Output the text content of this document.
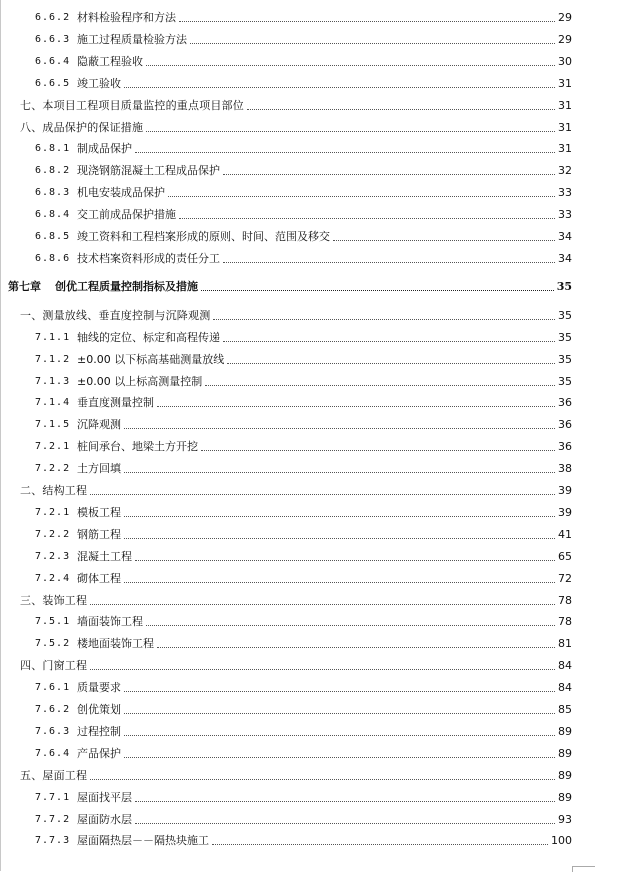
6.6.2 材料检验程序和方法	29
6.6.3 施工过程质量检验方法	29
6.6.4 隐蔽工程验收	30
6.6.5 竣工验收	31
七、本项目工程项目质量监控的重点项目部位	31
八、成品保护的保证措施	31
6.8.1 制成品保护	31
6.8.2 现浇钢筋混凝土工程成品保护	32
6.8.3 机电安装成品保护	33
6.8.4 交工前成品保护措施	33
6.8.5 竣工资料和工程档案形成的原则、时间、范围及移交	34
6.8.6 技术档案资料形成的责任分工	34
第七章 创优工程质量控制指标及措施	35
一、测量放线、垂直度控制与沉降观测	35
7.1.1 轴线的定位、标定和高程传递	35
7.1.2 ±0.00 以下标高基础测量放线	35
7.1.3 ±0.00 以上标高测量控制	35
7.1.4 垂直度测量控制	36
7.1.5 沉降观测	36
7.2.1 桩间承台、地梁土方开挖	36
7.2.2 土方回填	38
二、结构工程	39
7.2.1 模板工程	39
7.2.2 钢筋工程	41
7.2.3 混凝土工程	65
7.2.4 砌体工程	72
三、装饰工程	78
7.5.1 墙面装饰工程	78
7.5.2 楼地面装饰工程	81
四、门窗工程	84
7.6.1 质量要求	84
7.6.2 创优策划	85
7.6.3 过程控制	89
7.6.4 产品保护	89
五、屋面工程	89
7.7.1 屋面找平层	89
7.7.2 屋面防水层	93
7.7.3 屋面隔热层－－隔热块施工	100
